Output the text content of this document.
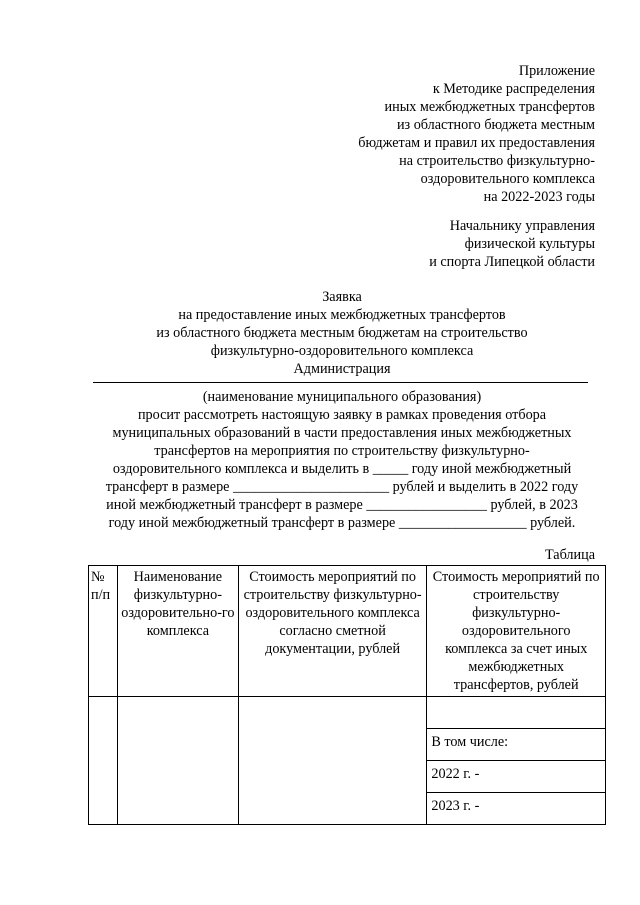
Приложение
к Методике распределения
иных межбюджетных трансфертов
из областного бюджета местным
бюджетам и правил их предоставления
на строительство физкультурно-
оздоровительного комплекса
на 2022-2023 годы
Начальнику управления
физической культуры
и спорта Липецкой области
Заявка
на предоставление иных межбюджетных трансфертов
из областного бюджета местным бюджетам на строительство
физкультурно-оздоровительного комплекса
Администрация
(наименование муниципального образования)
просит рассмотреть настоящую заявку в рамках проведения отбора
муниципальных образований в части предоставления иных межбюджетных
трансфертов на мероприятия по строительству физкультурно-
оздоровительного комплекса и выделить в _____ году иной межбюджетный
трансферт в размере ______________________ рублей и выделить в 2022 году
иной межбюджетный трансферт в размере _________________ рублей, в 2023
году иной межбюджетный трансферт в размере __________________ рублей.
Таблица
№ п/п	Наименование физкультурно-оздоровительно-го комплекса	Стоимость мероприятий по строительству физкультурно-оздоровительного комплекса согласно сметной документации, рублей	Стоимость мероприятий по строительству физкультурно-оздоровительного комплекса за счет иных межбюджетных трансфертов, рублей

			В том числе:
			2022 г. -
			2023 г. -
